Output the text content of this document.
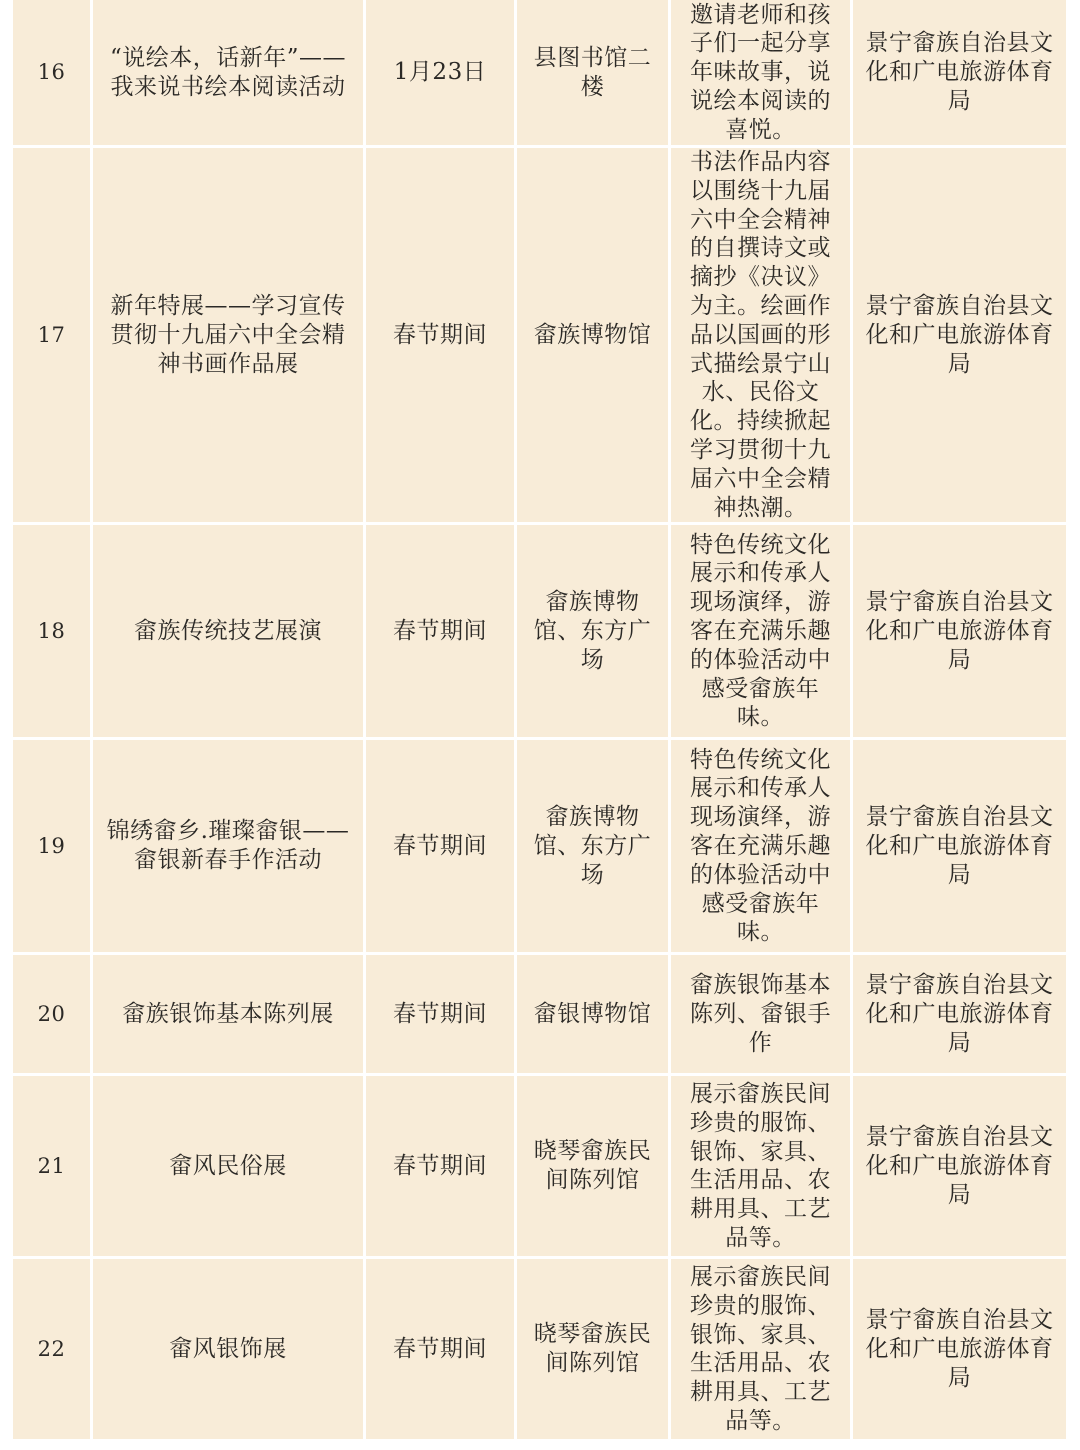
16	“说绘本，话新年”——我来说书绘本阅读活动	1月23日	县图书馆二楼	邀请老师和孩子们一起分享年味故事，说说绘本阅读的喜悦。	景宁畲族自治县文化和广电旅游体育局
17	新年特展——学习宣传贯彻十九届六中全会精神书画作品展	春节期间	畲族博物馆	书法作品内容以围绕十九届六中全会精神的自撰诗文或摘抄《决议》为主。绘画作品以国画的形式描绘景宁山水、民俗文化。持续掀起学习贯彻十九届六中全会精神热潮。	景宁畲族自治县文化和广电旅游体育局
18	畲族传统技艺展演	春节期间	畲族博物馆、东方广场	特色传统文化展示和传承人现场演绎，游客在充满乐趣的体验活动中感受畲族年味。	景宁畲族自治县文化和广电旅游体育局
19	锦绣畲乡.璀璨畲银——畲银新春手作活动	春节期间	畲族博物馆、东方广场	特色传统文化展示和传承人现场演绎，游客在充满乐趣的体验活动中感受畲族年味。	景宁畲族自治县文化和广电旅游体育局
20	畲族银饰基本陈列展	春节期间	畲银博物馆	畲族银饰基本陈列、畲银手作	景宁畲族自治县文化和广电旅游体育局
21	畲风民俗展	春节期间	晓琴畲族民间陈列馆	展示畲族民间珍贵的服饰、银饰、家具、生活用品、农耕用具、工艺品等。	景宁畲族自治县文化和广电旅游体育局
22	畲风银饰展	春节期间	晓琴畲族民间陈列馆	展示畲族民间珍贵的服饰、银饰、家具、生活用品、农耕用具、工艺品等。	景宁畲族自治县文化和广电旅游体育局
